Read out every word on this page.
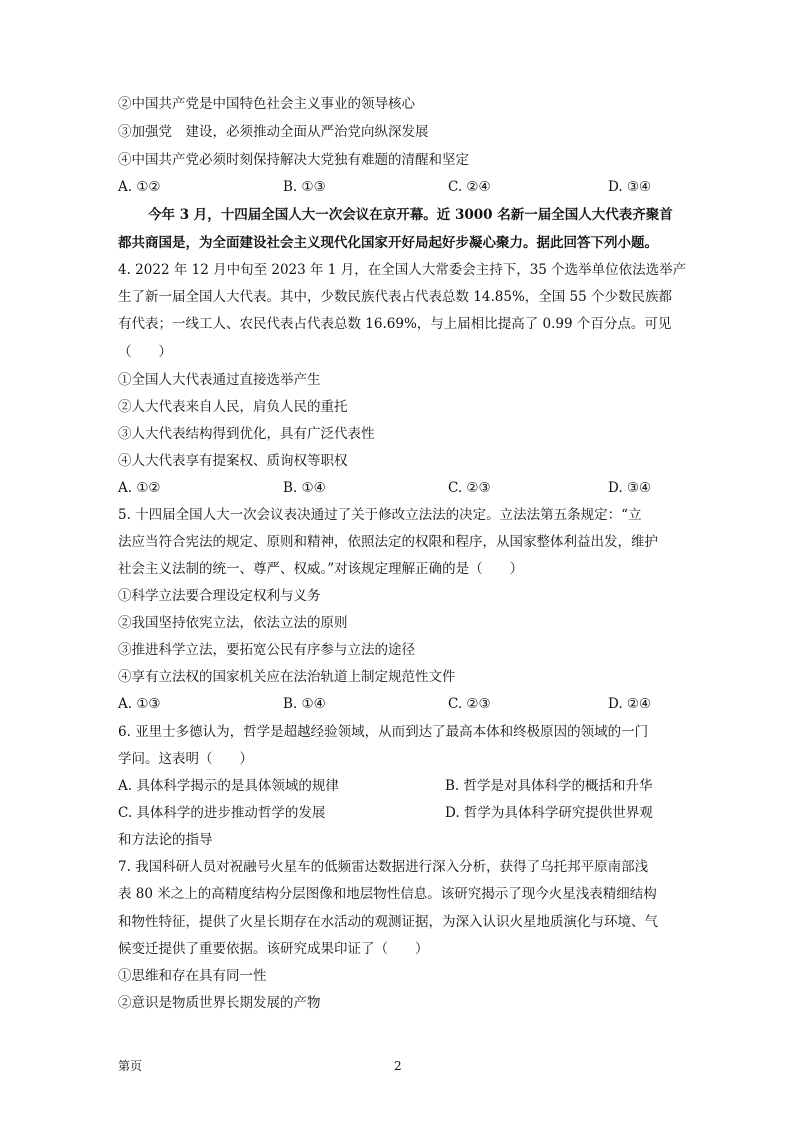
②中国共产党是中国特色社会主义事业的领导核心
③加强党　建设，必须推动全面从严治党向纵深发展
④中国共产党必须时刻保持解决大党独有难题的清醒和坚定
A. ①②	B. ①③	C. ②④	D. ③④
今年 3 月，十四届全国人大一次会议在京开幕。近 3000 名新一届全国人大代表齐聚首
都共商国是，为全面建设社会主义现代化国家开好局起好步凝心聚力。据此回答下列小题。
4. 2022 年 12 月中旬至 2023 年 1 月，在全国人大常委会主持下，35 个选举单位依法选举产
生了新一届全国人大代表。其中，少数民族代表占代表总数 14.85%，全国 55 个少数民族都
有代表；一线工人、农民代表占代表总数 16.69%，与上届相比提高了 0.99 个百分点。可见
（　　）
①全国人大代表通过直接选举产生
②人大代表来自人民，肩负人民的重托
③人大代表结构得到优化，具有广泛代表性
④人大代表享有提案权、质询权等职权
A. ①②	B. ①④	C. ②③	D. ③④
5. 十四届全国人大一次会议表决通过了关于修改立法法的决定。立法法第五条规定：“立
法应当符合宪法的规定、原则和精神，依照法定的权限和程序，从国家整体利益出发，维护
社会主义法制的统一、尊严、权威。”对该规定理解正确的是（　　）
①科学立法要合理设定权利与义务
②我国坚持依宪立法，依法立法的原则
③推进科学立法，要拓宽公民有序参与立法的途径
④享有立法权的国家机关应在法治轨道上制定规范性文件
A. ①③	B. ①④	C. ②③	D. ②④
6. 亚里士多德认为，哲学是超越经验领域，从而到达了最高本体和终极原因的领域的一门
学问。这表明（　　）
A. 具体科学揭示的是具体领域的规律	B. 哲学是对具体科学的概括和升华
C. 具体科学的进步推动哲学的发展	D. 哲学为具体科学研究提供世界观
和方法论的指导
7. 我国科研人员对祝融号火星车的低频雷达数据进行深入分析，获得了乌托邦平原南部浅
表 80 米之上的高精度结构分层图像和地层物性信息。该研究揭示了现今火星浅表精细结构
和物性特征，提供了火星长期存在水活动的观测证据，为深入认识火星地质演化与环境、气
候变迁提供了重要依据。该研究成果印证了（　　）
①思维和存在具有同一性
②意识是物质世界长期发展的产物
第页	2
